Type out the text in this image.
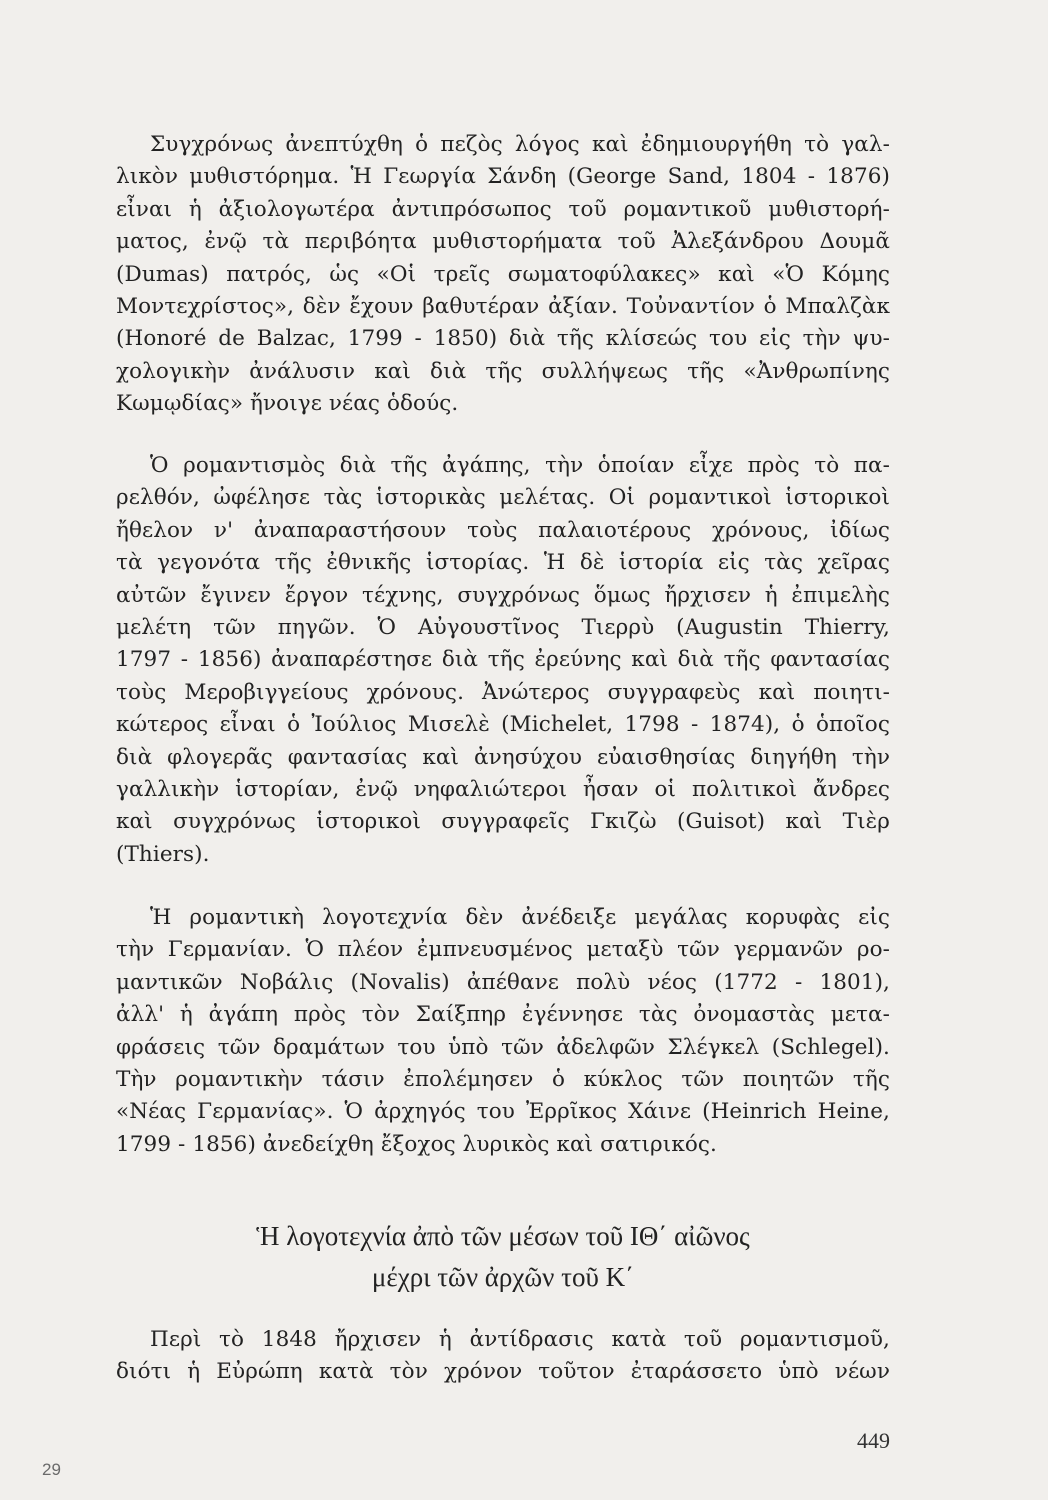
Συγχρόνως ἀνεπτύχθη ὁ πεζὸς λόγος καὶ ἐδημιουργήθη τὸ γαλ-
λικὸν μυθιστόρημα. Ἡ Γεωργία Σάνδη (George Sand, 1804 - 1876)
εἶναι ἡ ἀξιολογωτέρα ἀντιπρόσωπος τοῦ ρομαντικοῦ μυθιστορή-
ματος, ἐνῷ τὰ περιβόητα μυθιστορήματα τοῦ Ἀλεξάνδρου Δουμᾶ
(Dumas) πατρός, ὡς «Οἱ τρεῖς σωματοφύλακες» καὶ «Ὁ Κόμης
Μοντεχρίστος», δὲν ἔχουν βαθυτέραν ἀξίαν. Τοὐναντίον ὁ Μπαλζὰκ
(Honoré de Balzac, 1799 - 1850) διὰ τῆς κλίσεώς του εἰς τὴν ψυ-
χολογικὴν ἀνάλυσιν καὶ διὰ τῆς συλλήψεως τῆς «Ἀνθρωπίνης
Κωμῳδίας» ἤνοιγε νέας ὁδούς.
Ὁ ρομαντισμὸς διὰ τῆς ἀγάπης, τὴν ὁποίαν εἶχε πρὸς τὸ πα-
ρελθόν, ὠφέλησε τὰς ἱστορικὰς μελέτας. Οἱ ρομαντικοὶ ἱστορικοὶ
ἤθελον ν' ἀναπαραστήσουν τοὺς παλαιοτέρους χρόνους, ἰδίως
τὰ γεγονότα τῆς ἐθνικῆς ἱστορίας. Ἡ δὲ ἱστορία εἰς τὰς χεῖρας
αὐτῶν ἔγινεν ἔργον τέχνης, συγχρόνως ὅμως ἤρχισεν ἡ ἐπιμελὴς
μελέτη τῶν πηγῶν. Ὁ Αὐγουστῖνος Τιερρὺ (Augustin Thierry,
1797 - 1856) ἀναπαρέστησε διὰ τῆς ἐρεύνης καὶ διὰ τῆς φαντασίας
τοὺς Μεροβιγγείους χρόνους. Ἀνώτερος συγγραφεὺς καὶ ποιητι-
κώτερος εἶναι ὁ Ἰούλιος Μισελὲ (Michelet, 1798 - 1874), ὁ ὁποῖος
διὰ φλογερᾶς φαντασίας καὶ ἀνησύχου εὐαισθησίας διηγήθη τὴν
γαλλικὴν ἱστορίαν, ἐνῷ νηφαλιώτεροι ἦσαν οἱ πολιτικοὶ ἄνδρες
καὶ συγχρόνως ἱστορικοὶ συγγραφεῖς Γκιζὼ (Guisot) καὶ Τιὲρ
(Thiers).
Ἡ ρομαντικὴ λογοτεχνία δὲν ἀνέδειξε μεγάλας κορυφὰς εἰς
τὴν Γερμανίαν. Ὁ πλέον ἐμπνευσμένος μεταξὺ τῶν γερμανῶν ρο-
μαντικῶν Νοβάλις (Novalis) ἀπέθανε πολὺ νέος (1772 - 1801),
ἀλλ' ἡ ἀγάπη πρὸς τὸν Σαίξπηρ ἐγέννησε τὰς ὀνομαστὰς μετα-
φράσεις τῶν δραμάτων του ὑπὸ τῶν ἀδελφῶν Σλέγκελ (Schlegel).
Τὴν ρομαντικὴν τάσιν ἐπολέμησεν ὁ κύκλος τῶν ποιητῶν τῆς
«Νέας Γερμανίας». Ὁ ἀρχηγός του Ἐρρῖκος Χάινε (Heinrich Heine,
1799 - 1856) ἀνεδείχθη ἔξοχος λυρικὸς καὶ σατιρικός.
Ἡ λογοτεχνία ἀπὸ τῶν μέσων τοῦ ΙΘ΄ αἰῶνος
μέχρι τῶν ἀρχῶν τοῦ Κ΄
Περὶ τὸ 1848 ἤρχισεν ἡ ἀντίδρασις κατὰ τοῦ ρομαντισμοῦ,
διότι ἡ Εὐρώπη κατὰ τὸν χρόνον τοῦτον ἐταράσσετο ὑπὸ νέων
449
29
